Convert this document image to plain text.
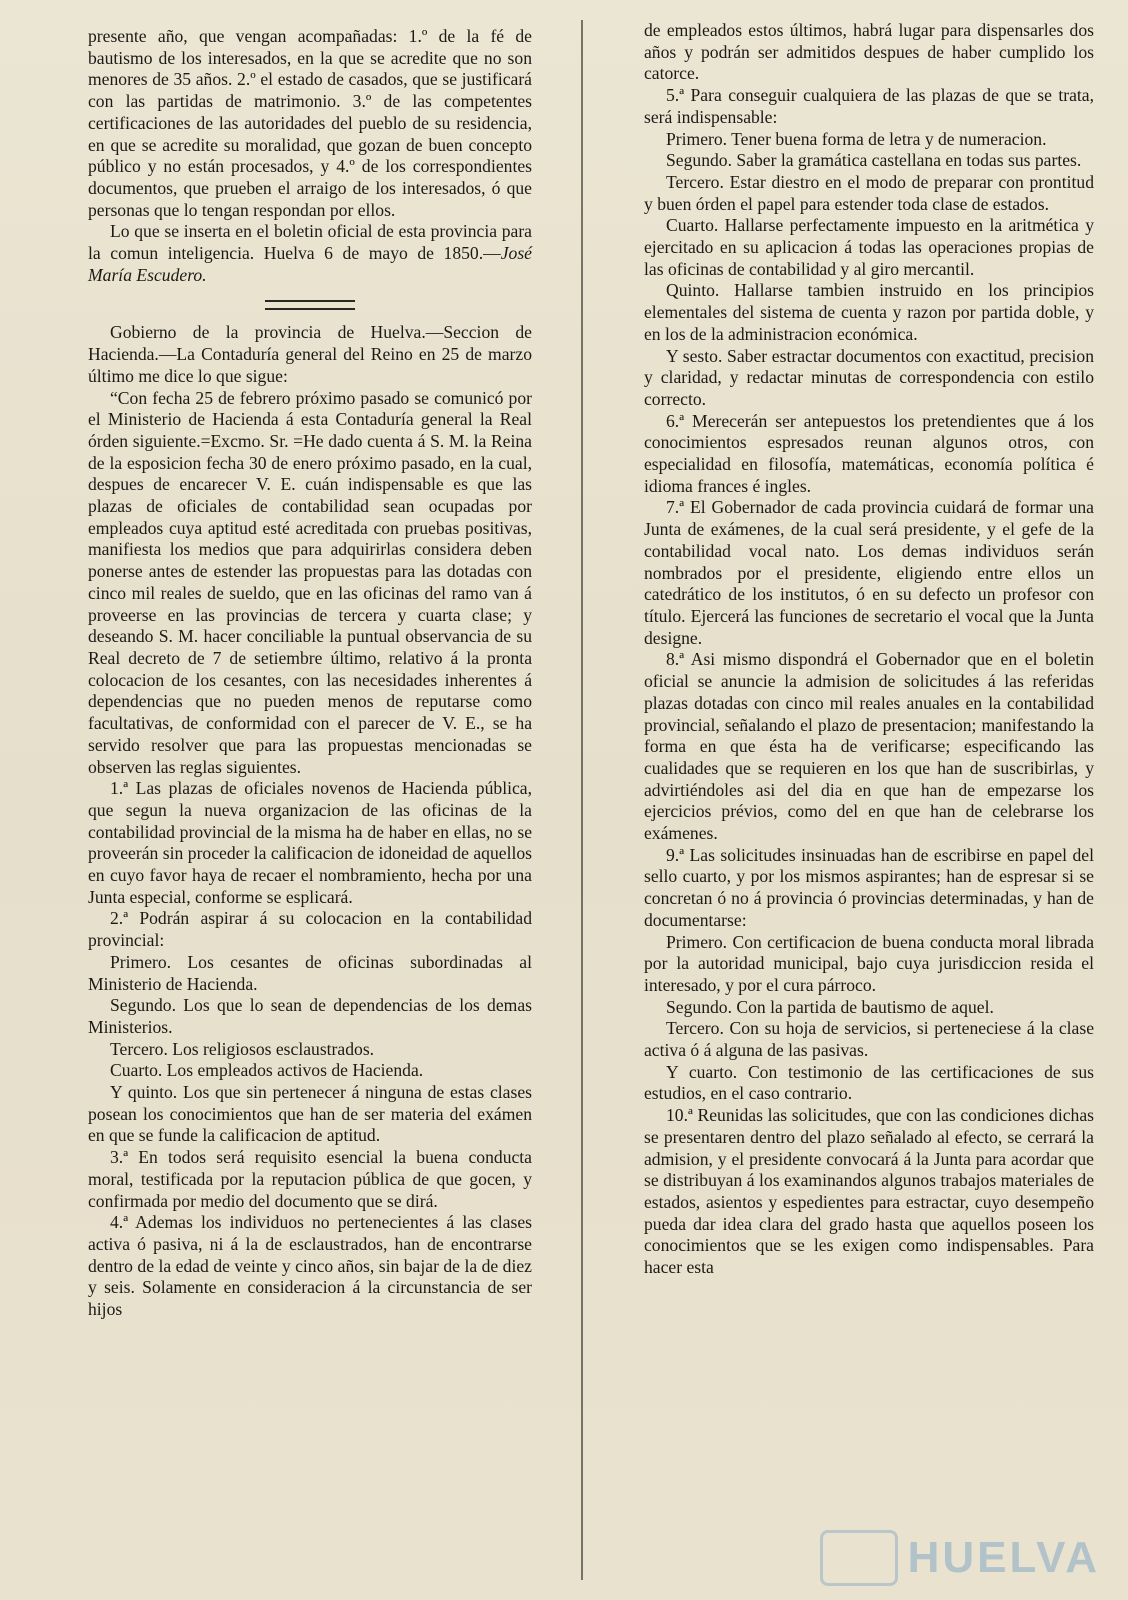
presente año, que vengan acompañadas: 1.º de la fé de bautismo de los interesados, en la que se acredite que no son menores de 35 años. 2.º el estado de casados, que se justificará con las partidas de matrimonio. 3.º de las competentes certificaciones de las autoridades del pueblo de su residencia, en que se acredite su moralidad, que gozan de buen concepto público y no están procesados, y 4.º de los correspondientes documentos, que prueben el arraigo de los interesados, ó que personas que lo tengan respondan por ellos.

Lo que se inserta en el boletin oficial de esta provincia para la comun inteligencia. Huelva 6 de mayo de 1850.—José María Escudero.

Gobierno de la provincia de Huelva.—Seccion de Hacienda.—La Contaduría general del Reino en 25 de marzo último me dice lo que sigue:

“Con fecha 25 de febrero próximo pasado se comunicó por el Ministerio de Hacienda á esta Contaduría general la Real órden siguiente.=Excmo. Sr. =He dado cuenta á S. M. la Reina de la esposicion fecha 30 de enero próximo pasado, en la cual, despues de encarecer V. E. cuán indispensable es que las plazas de oficiales de contabilidad sean ocupadas por empleados cuya aptitud esté acreditada con pruebas positivas, manifiesta los medios que para adquirirlas considera deben ponerse antes de estender las propuestas para las dotadas con cinco mil reales de sueldo, que en las oficinas del ramo van á proveerse en las provincias de tercera y cuarta clase; y deseando S. M. hacer conciliable la puntual observancia de su Real decreto de 7 de setiembre último, relativo á la pronta colocacion de los cesantes, con las necesidades inherentes á dependencias que no pueden menos de reputarse como facultativas, de conformidad con el parecer de V. E., se ha servido resolver que para las propuestas mencionadas se observen las reglas siguientes.

1.ª Las plazas de oficiales novenos de Hacienda pública, que segun la nueva organizacion de las oficinas de la contabilidad provincial de la misma ha de haber en ellas, no se proveerán sin proceder la calificacion de idoneidad de aquellos en cuyo favor haya de recaer el nombramiento, hecha por una Junta especial, conforme se esplicará.

2.ª Podrán aspirar á su colocacion en la contabilidad provincial:

Primero. Los cesantes de oficinas subordinadas al Ministerio de Hacienda.

Segundo. Los que lo sean de dependencias de los demas Ministerios.

Tercero. Los religiosos esclaustrados.

Cuarto. Los empleados activos de Hacienda.

Y quinto. Los que sin pertenecer á ninguna de estas clases posean los conocimientos que han de ser materia del exámen en que se funde la calificacion de aptitud.

3.ª En todos será requisito esencial la buena conducta moral, testificada por la reputacion pública de que gocen, y confirmada por medio del documento que se dirá.

4.ª Ademas los individuos no pertenecientes á las clases activa ó pasiva, ni á la de esclaustrados, han de encontrarse dentro de la edad de veinte y cinco años, sin bajar de la de diez y seis. Solamente en consideracion á la circunstancia de ser hijos

de empleados estos últimos, habrá lugar para dispensarles dos años y podrán ser admitidos despues de haber cumplido los catorce.

5.ª Para conseguir cualquiera de las plazas de que se trata, será indispensable:

Primero. Tener buena forma de letra y de numeracion.

Segundo. Saber la gramática castellana en todas sus partes.

Tercero. Estar diestro en el modo de preparar con prontitud y buen órden el papel para estender toda clase de estados.

Cuarto. Hallarse perfectamente impuesto en la aritmética y ejercitado en su aplicacion á todas las operaciones propias de las oficinas de contabilidad y al giro mercantil.

Quinto. Hallarse tambien instruido en los principios elementales del sistema de cuenta y razon por partida doble, y en los de la administracion económica.

Y sesto. Saber estractar documentos con exactitud, precision y claridad, y redactar minutas de correspondencia con estilo correcto.

6.ª Merecerán ser antepuestos los pretendientes que á los conocimientos espresados reunan algunos otros, con especialidad en filosofía, matemáticas, economía política é idioma frances é ingles.

7.ª El Gobernador de cada provincia cuidará de formar una Junta de exámenes, de la cual será presidente, y el gefe de la contabilidad vocal nato. Los demas individuos serán nombrados por el presidente, eligiendo entre ellos un catedrático de los institutos, ó en su defecto un profesor con título. Ejercerá las funciones de secretario el vocal que la Junta designe.

8.ª Asi mismo dispondrá el Gobernador que en el boletin oficial se anuncie la admision de solicitudes á las referidas plazas dotadas con cinco mil reales anuales en la contabilidad provincial, señalando el plazo de presentacion; manifestando la forma en que ésta ha de verificarse; especificando las cualidades que se requieren en los que han de suscribirlas, y advirtiéndoles asi del dia en que han de empezarse los ejercicios prévios, como del en que han de celebrarse los exámenes.

9.ª Las solicitudes insinuadas han de escribirse en papel del sello cuarto, y por los mismos aspirantes; han de espresar si se concretan ó no á provincia ó provincias determinadas, y han de documentarse:

Primero. Con certificacion de buena conducta moral librada por la autoridad municipal, bajo cuya jurisdiccion resida el interesado, y por el cura párroco.

Segundo. Con la partida de bautismo de aquel.

Tercero. Con su hoja de servicios, si perteneciese á la clase activa ó á alguna de las pasivas.

Y cuarto. Con testimonio de las certificaciones de sus estudios, en el caso contrario.

10.ª Reunidas las solicitudes, que con las condiciones dichas se presentaren dentro del plazo señalado al efecto, se cerrará la admision, y el presidente convocará á la Junta para acordar que se distribuyan á los examinandos algunos trabajos materiales de estados, asientos y espedientes para estractar, cuyo desempeño pueda dar idea clara del grado hasta que aquellos poseen los conocimientos que se les exigen como indispensables. Para hacer esta

HUELVA
